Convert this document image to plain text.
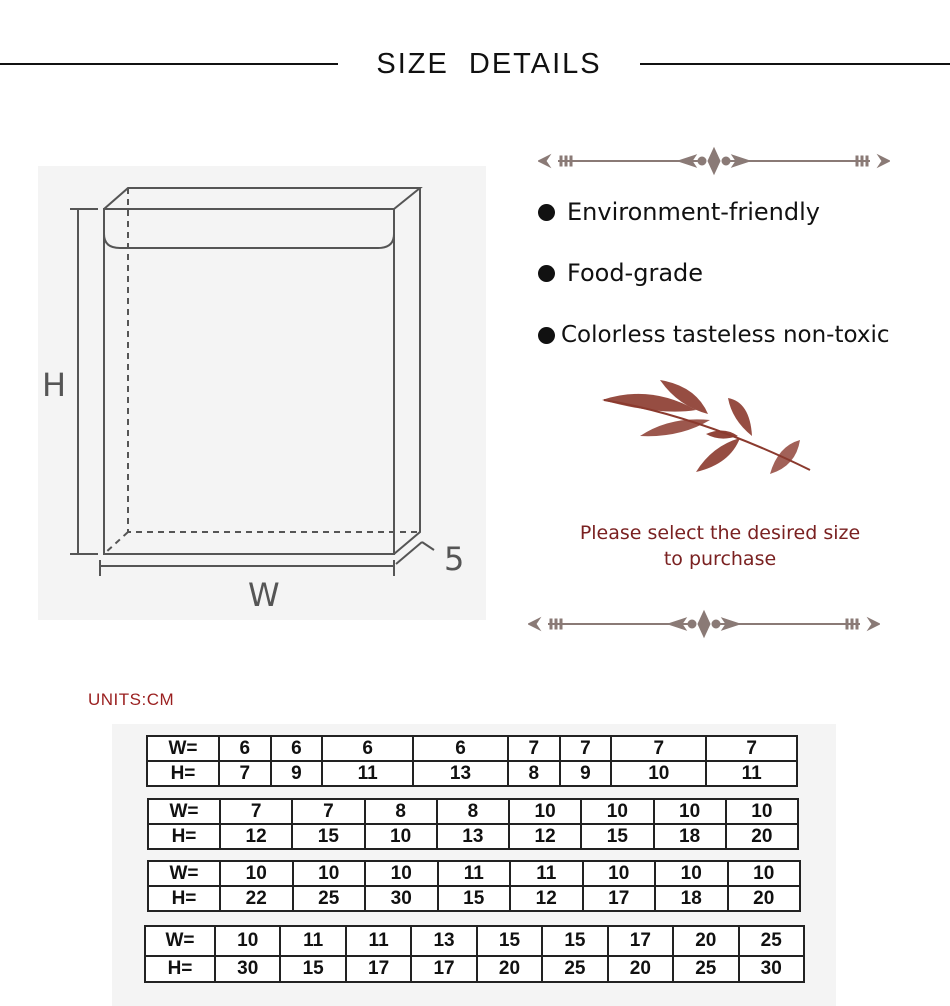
SIZE DETAILS
H
W
5
Environment-friendly
Food-grade
Colorless tasteless non-toxic
Please select the desired size
to purchase
UNITS:CM
W=	6	6	6	6	7	7	7	7
H=	7	9	11	13	8	9	10	11
W=	7	7	8	8	10	10	10	10
H=	12	15	10	13	12	15	18	20
W=	10	10	10	11	11	10	10	10
H=	22	25	30	15	12	17	18	20
W=	10	11	11	13	15	15	17	20	25
H=	30	15	17	17	20	25	20	25	30
